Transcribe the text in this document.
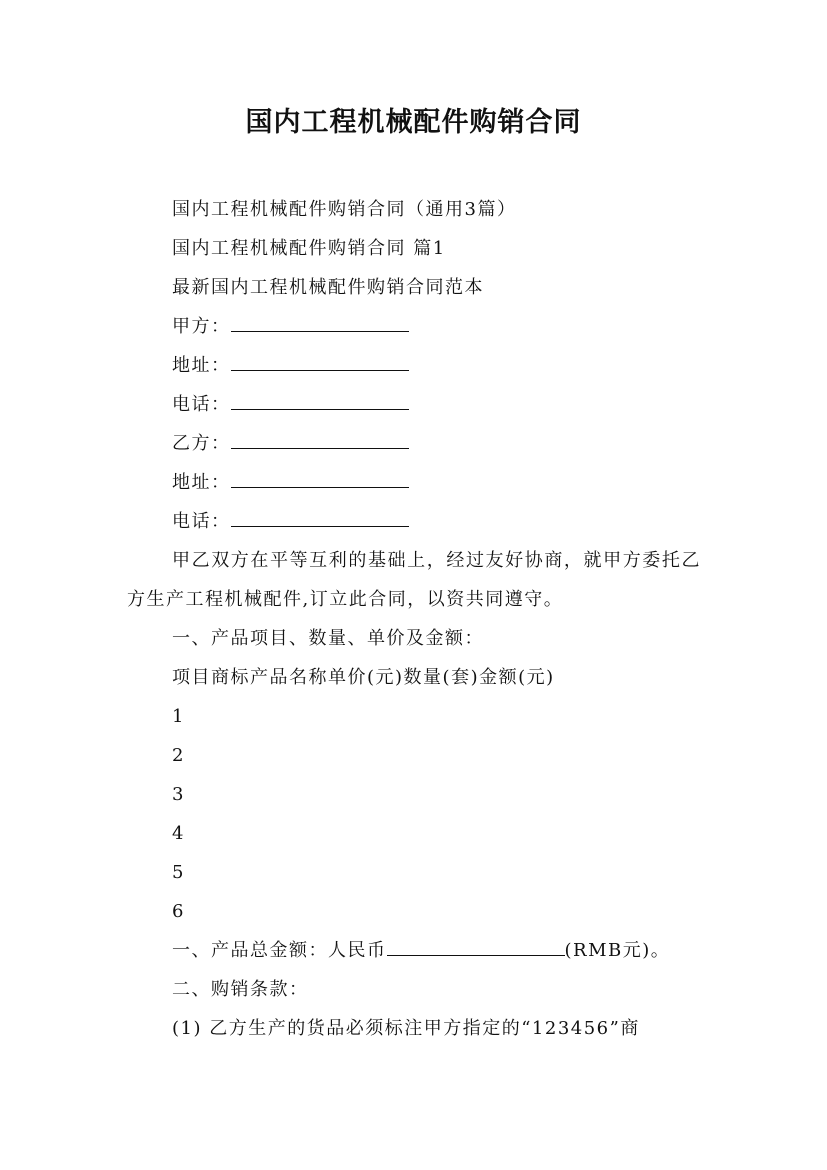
国内工程机械配件购销合同

国内工程机械配件购销合同（通用3篇）

国内工程机械配件购销合同 篇1

最新国内工程机械配件购销合同范本

甲方：

地址：

电话：

乙方：

地址：

电话：

甲乙双方在平等互利的基础上，经过友好协商，就甲方委托乙方生产工程机械配件,订立此合同，以资共同遵守。

一、产品项目、数量、单价及金额：

项目商标产品名称单价(元)数量(套)金额(元)

1

2

3

4

5

6

一、产品总金额：人民币	(RMB元)。

二、购销条款：

(1) 乙方生产的货品必须标注甲方指定的“123456”商
